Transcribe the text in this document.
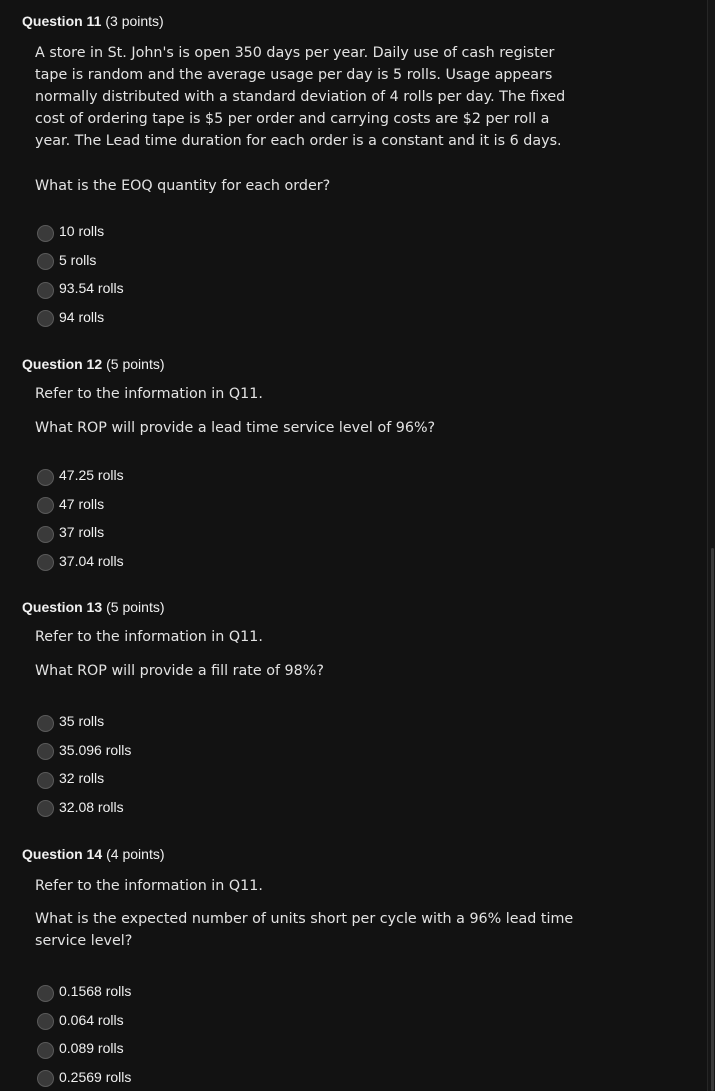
Question 11 (3 points)

A store in St. John's is open 350 days per year. Daily use of cash register

tape is random and the average usage per day is 5 rolls. Usage appears

normally distributed with a standard deviation of 4 rolls per day. The fixed

cost of ordering tape is $5 per order and carrying costs are $2 per roll a

year. The Lead time duration for each order is a constant and it is 6 days.

What is the EOQ quantity for each order?

10 rolls
5 rolls
93.54 rolls
94 rolls
Question 12 (5 points)

Refer to the information in Q11.

What ROP will provide a lead time service level of 96%?

47.25 rolls
47 rolls
37 rolls
37.04 rolls
Question 13 (5 points)

Refer to the information in Q11.

What ROP will provide a fill rate of 98%?

35 rolls
35.096 rolls
32 rolls
32.08 rolls
Question 14 (4 points)

Refer to the information in Q11.

What is the expected number of units short per cycle with a 96% lead time

service level?

0.1568 rolls
0.064 rolls
0.089 rolls
0.2569 rolls
